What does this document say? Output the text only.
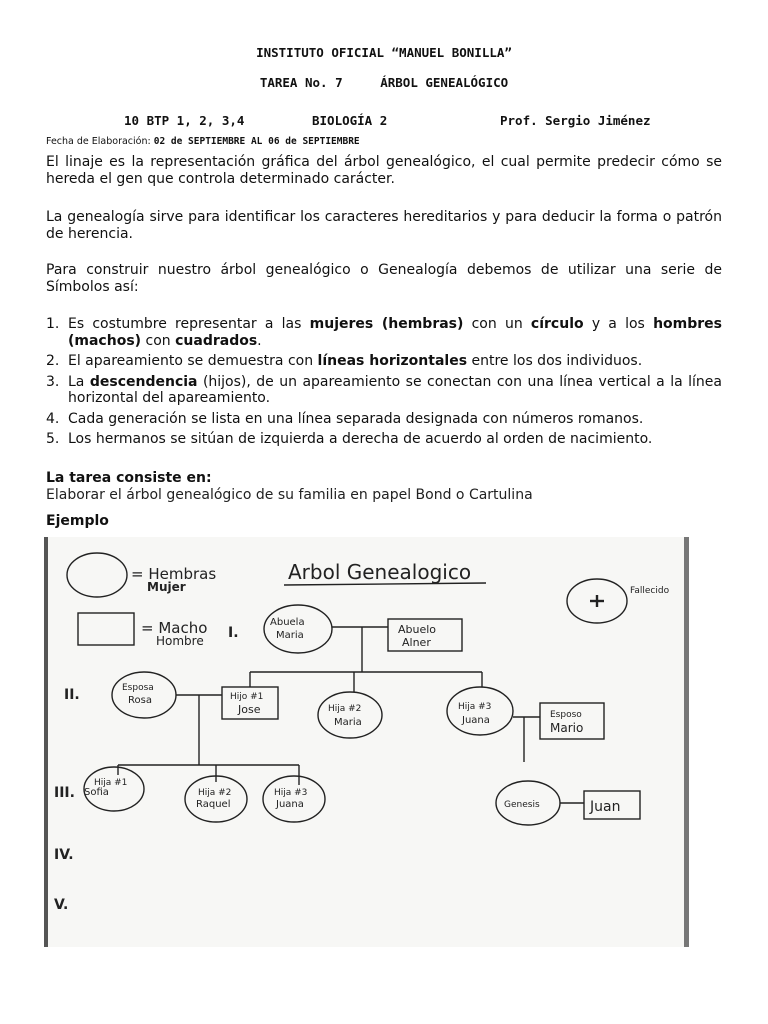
INSTITUTO OFICIAL “MANUEL BONILLA”
TAREA No. 7     ÁRBOL GENEALÓGICO
10 BTP 1, 2, 3,4	BIOLOGÍA 2	Prof. Sergio Jiménez
Fecha de Elaboración: 02 de SEPTIEMBRE AL 06 de SEPTIEMBRE
El linaje es la representación gráfica del árbol genealógico, el cual permite predecir cómo se hereda el gen que controla determinado carácter.
La genealogía sirve para identificar los caracteres hereditarios y para deducir la forma o patrón de herencia.
Para construir nuestro árbol genealógico o Genealogía debemos de utilizar una serie de Símbolos así:
1. Es costumbre representar a las mujeres (hembras) con un círculo y a los hombres (machos) con cuadrados.
2. El apareamiento se demuestra con líneas horizontales entre los dos individuos.
3. La descendencia (hijos), de un apareamiento se conectan con una línea vertical a la línea horizontal del apareamiento.
4. Cada generación se lista en una línea separada designada con números romanos.
5. Los hermanos se sitúan de izquierda a derecha de acuerdo al orden de nacimiento.
La tarea consiste en:
Elaborar el árbol genealógico de su familia en papel Bond o Cartulina
Ejemplo
= Hembras
Mujer
= Macho
Hombre
Arbol Genealogico
Fallecido
I.
II.
III.
IV.
V.
Abuela
Maria	Abuelo
Alner
Esposa
Rosa	Hijo #1
Jose	Hija #2
Maria
Hija #3
Juana	Esposo
Mario
Hija #1
Sofia	Hija #2
Raquel
Hija #3
Juana	Genesis	Juan
